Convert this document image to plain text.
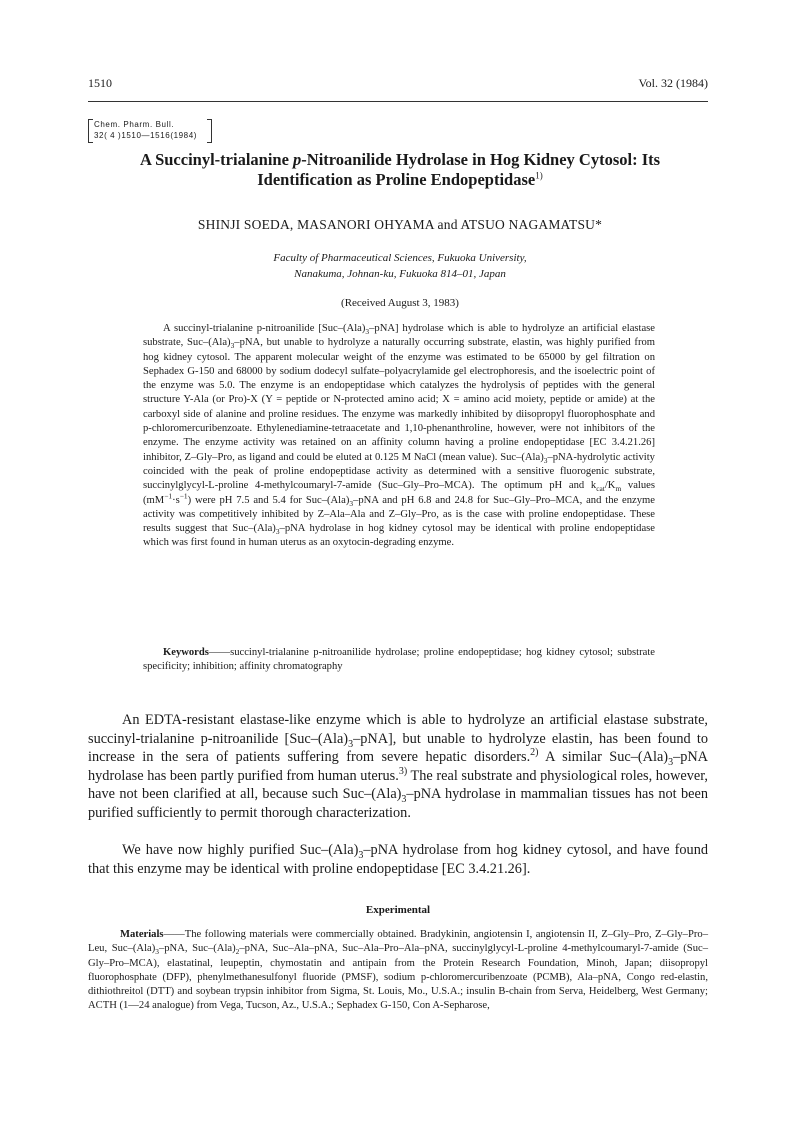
1510	Vol. 32 (1984)
Chem. Pharm. Bull.
32( 4 )1510—1516(1984)
A Succinyl-trialanine p-Nitroanilide Hydrolase in Hog Kidney Cytosol: Its Identification as Proline Endopeptidase$^{1)}$
SHINJI SOEDA, MASANORI OHYAMA and ATSUO NAGAMATSU*
Faculty of Pharmaceutical Sciences, Fukuoka University,
Nanakuma, Johnan-ku, Fukuoka 814–01, Japan
(Received August 3, 1983)

A succinyl-trialanine p-nitroanilide $[Suc-(Ala)_3-pNA]$ hydrolase which is able to hydrolyze an artificial elastase substrate, Suc–$(Ala)_3$–pNA, but unable to hydrolyze a naturally occurring substrate, elastin, was highly purified from hog kidney cytosol. The apparent molecular weight of the enzyme was estimated to be 65000 by gel filtration on Sephadex G-150 and 68000 by sodium dodecyl sulfate–polyacrylamide gel electrophoresis, and the isoelectric point of the enzyme was 5.0. The enzyme is an endopeptidase which catalyzes the hydrolysis of peptides with the general structure Y-Ala (or Pro)-X (Y = peptide or N-protected amino acid; X = amino acid moiety, peptide or amide) at the carboxyl side of alanine and proline residues. The enzyme was markedly inhibited by diisopropyl fluorophosphate and p-chloromercuribenzoate. Ethylenediamine-tetraacetate and 1,10-phenanthroline, however, were not inhibitors of the enzyme. The enzyme activity was retained on an affinity column having a proline endopeptidase [EC 3.4.21.26] inhibitor, Z–Gly–Pro, as ligand and could be eluted at 0.125 M NaCl (mean value). Suc–$(Ala)_3-pNA$-hydrolytic activity coincided with the peak of proline endopeptidase activity as determined with a sensitive fluorogenic substrate, succinylglycyl-L-proline 4-methylcoumaryl-7-amide (Suc–Gly–Pro–MCA). The optimum pH and $k_{cat}/K_m$ values $(mM^{-1}\cdot s^{-1})$ were pH 7.5 and 5.4 for Suc–$(Ala)_3$–pNA and pH 6.8 and 24.8 for Suc–Gly–Pro–MCA, and the enzyme activity was competitively inhibited by Z–Ala–Ala and Z–Gly–Pro, as is the case with proline endopeptidase. These results suggest that Suc–$(Ala)_3$–pNA hydrolase in hog kidney cytosol may be identical with proline endopeptidase which was first found in human uterus as an oxytocin-degrading enzyme.

Keywords——succinyl-trialanine p-nitroanilide hydrolase; proline endopeptidase; hog kidney cytosol; substrate specificity; inhibition; affinity chromatography

An EDTA-resistant elastase-like enzyme which is able to hydrolyze an artificial elastase substrate, succinyl-trialanine p-nitroanilide $[Suc-(Ala)_3-pNA]$, but unable to hydrolyze elastin, has been found to increase in the sera of patients suffering from severe hepatic disorders.$^{2)}$ A similar Suc–$(Ala)_3$–pNA hydrolase has been partly purified from human uterus.$^{3)}$ The real substrate and physiological roles, however, have not been clarified at all, because such Suc–$(Ala)_3$–pNA hydrolase in mammalian tissues has not been purified sufficiently to permit thorough characterization.

We have now highly purified Suc–$(Ala)_3$–pNA hydrolase from hog kidney cytosol, and have found that this enzyme may be identical with proline endopeptidase [EC 3.4.21.26].

Experimental

Materials——The following materials were commercially obtained. Bradykinin, angiotensin I, angiotensin II, Z–Gly–Pro, Z–Gly–Pro–Leu, Suc–$(Ala)_3$–pNA, Suc–$(Ala)_2$–pNA, Suc–Ala–pNA, Suc–Ala–Pro–Ala–pNA, succinylglycyl-L-proline 4-methylcoumaryl-7-amide (Suc–Gly–Pro–MCA), elastatinal, leupeptin, chymostatin and antipain from the Protein Research Foundation, Minoh, Japan; diisopropyl fluorophosphate (DFP), phenylmethanesulfonyl fluoride (PMSF), sodium p-chloromercuribenzoate (PCMB), Ala–pNA, Congo red-elastin, dithiothreitol (DTT) and soybean trypsin inhibitor from Sigma, St. Louis, Mo., U.S.A.; insulin B-chain from Serva, Heidelberg, West Germany; ACTH (1—24 analogue) from Vega, Tucson, Az., U.S.A.; Sephadex G-150, Con A-Sepharose,
